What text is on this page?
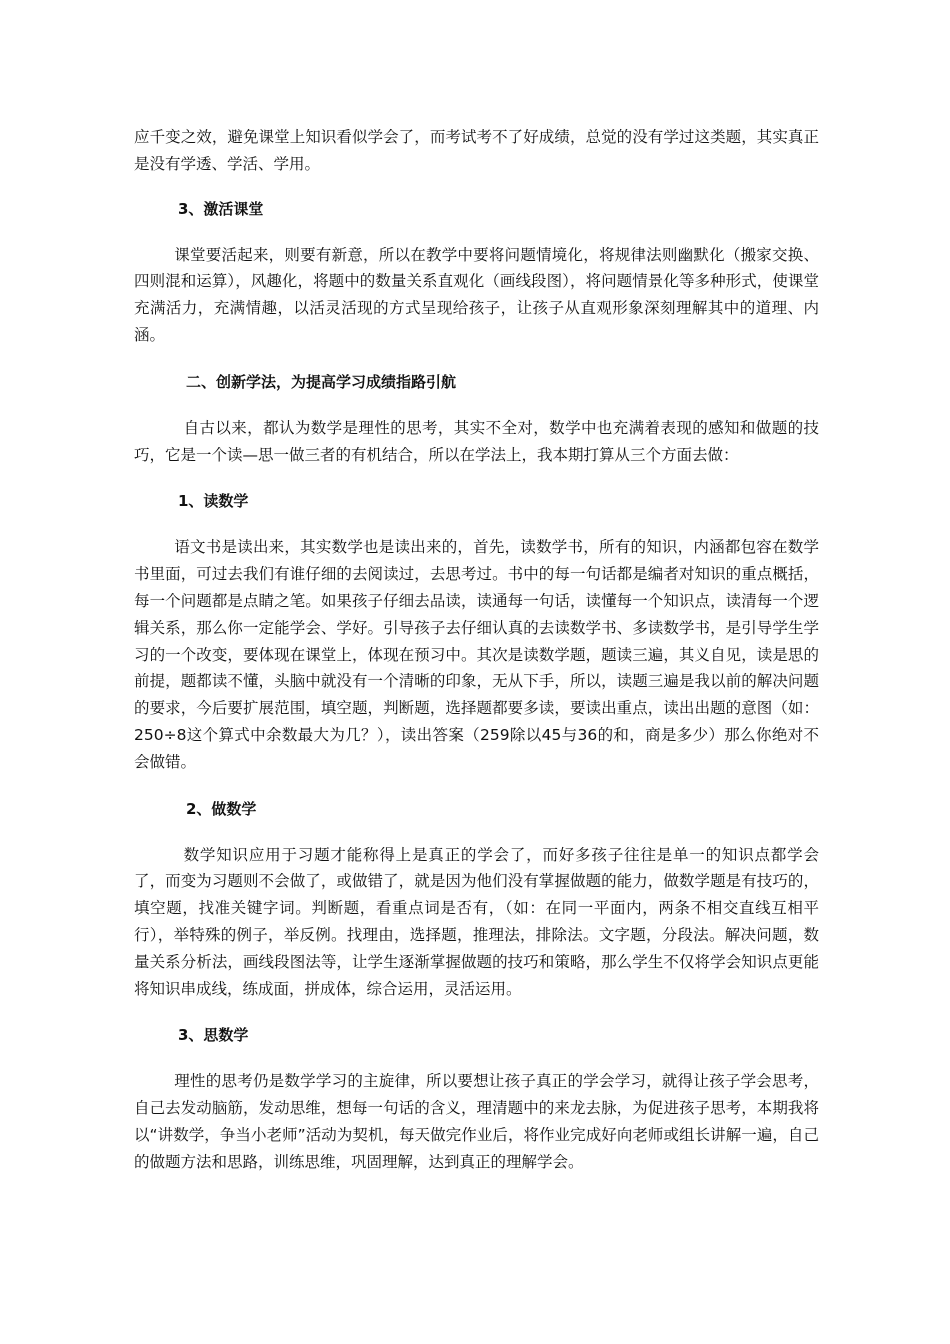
应千变之效，避免课堂上知识看似学会了，而考试考不了好成绩，总觉的没有学过这类题，其实真正是没有学透、学活、学用。

3、激活课堂

课堂要活起来，则要有新意，所以在教学中要将问题情境化，将规律法则幽默化（搬家交换、四则混和运算），风趣化，将题中的数量关系直观化（画线段图），将问题情景化等多种形式，使课堂充满活力，充满情趣，以活灵活现的方式呈现给孩子，让孩子从直观形象深刻理解其中的道理、内涵。

二、创新学法，为提高学习成绩指路引航

自古以来，都认为数学是理性的思考，其实不全对，数学中也充满着表现的感知和做题的技巧，它是一个读—思一做三者的有机结合，所以在学法上，我本期打算从三个方面去做：

1、读数学

语文书是读出来，其实数学也是读出来的，首先，读数学书，所有的知识，内涵都包容在数学书里面，可过去我们有谁仔细的去阅读过，去思考过。书中的每一句话都是编者对知识的重点概括，每一个问题都是点睛之笔。如果孩子仔细去品读，读通每一句话，读懂每一个知识点，读清每一个逻辑关系，那么你一定能学会、学好。引导孩子去仔细认真的去读数学书、多读数学书，是引导学生学习的一个改变，要体现在课堂上，体现在预习中。其次是读数学题，题读三遍，其义自见，读是思的前提，题都读不懂，头脑中就没有一个清晰的印象，无从下手，所以，读题三遍是我以前的解决问题的要求，今后要扩展范围，填空题，判断题，选择题都要多读，要读出重点，读出出题的意图（如：250÷8这个算式中余数最大为几？），读出答案（259除以45与36的和，商是多少）那么你绝对不会做错。

2、做数学

数学知识应用于习题才能称得上是真正的学会了，而好多孩子往往是单一的知识点都学会了，而变为习题则不会做了，或做错了，就是因为他们没有掌握做题的能力，做数学题是有技巧的，填空题，找准关键字词。判断题，看重点词是否有，（如：在同一平面内，两条不相交直线互相平行），举特殊的例子，举反例。找理由，选择题，推理法，排除法。文字题，分段法。解决问题，数量关系分析法，画线段图法等，让学生逐渐掌握做题的技巧和策略，那么学生不仅将学会知识点更能将知识串成线，练成面，拼成体，综合运用，灵活运用。

3、思数学

理性的思考仍是数学学习的主旋律，所以要想让孩子真正的学会学习，就得让孩子学会思考，自己去发动脑筋，发动思维，想每一句话的含义，理清题中的来龙去脉，为促进孩子思考，本期我将以“讲数学，争当小老师”活动为契机，每天做完作业后，将作业完成好向老师或组长讲解一遍，自己的做题方法和思路，训练思维，巩固理解，达到真正的理解学会。
